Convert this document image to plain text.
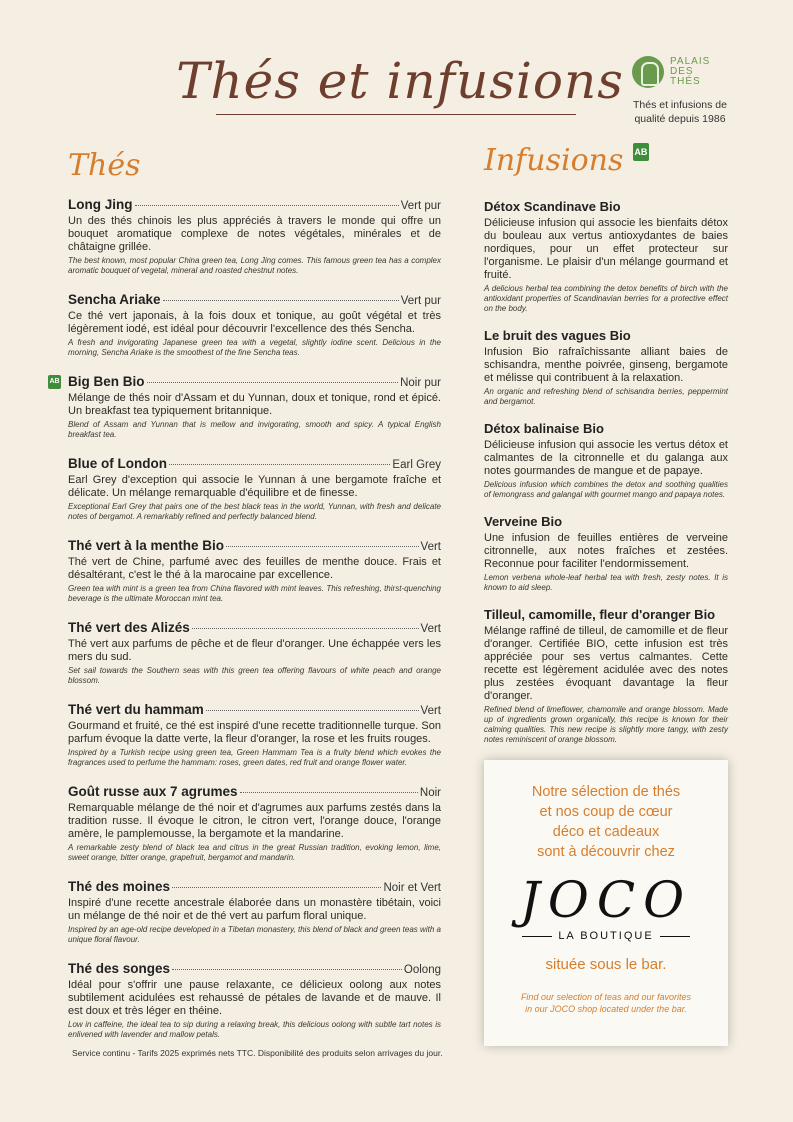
Thés et infusions	PALAIS
DES
THÉS
Thés et infusions de qualité depuis 1986
Thés	Infusions AB
Long Jing	Vert pur
Un des thés chinois les plus appréciés à travers le monde qui offre un bouquet aromatique complexe de notes végétales, minérales et de châtaigne grillée.
The best known, most popular China green tea, Long Jing comes. This famous green tea has a complex aromatic bouquet of vegetal, mineral and roasted chestnut notes.
Sencha Ariake	Vert pur
Ce thé vert japonais, à la fois doux et tonique, au goût végétal et très légèrement iodé, est idéal pour découvrir l'excellence des thés Sencha.
A fresh and invigorating Japanese green tea with a vegetal, slightly iodine scent. Delicious in the morning, Sencha Ariake is the smoothest of the fine Sencha teas.
AB Big Ben Bio	Noir pur
Mélange de thés noir d'Assam et du Yunnan, doux et tonique, rond et épicé. Un breakfast tea typiquement britannique.
Blend of Assam and Yunnan that is mellow and invigorating, smooth and spicy. A typical English breakfast tea.
Blue of London	Earl Grey
Earl Grey d'exception qui associe le Yunnan à une bergamote fraîche et délicate. Un mélange remarquable d'équilibre et de finesse.
Exceptional Earl Grey that pairs one of the best black teas in the world, Yunnan, with fresh and delicate notes of bergamot. A remarkably refined and perfectly balanced blend.
Thé vert à la menthe Bio	Vert
Thé vert de Chine, parfumé avec des feuilles de menthe douce. Frais et désaltérant, c'est le thé à la marocaine par excellence.
Green tea with mint is a green tea from China flavored with mint leaves. This refreshing, thirst-quenching beverage is the ultimate Moroccan mint tea.
Thé vert des Alizés	Vert
Thé vert aux parfums de pêche et de fleur d'oranger. Une échappée vers les mers du sud.
Set sail towards the Southern seas with this green tea offering flavours of white peach and orange blossom.
Thé vert du hammam	Vert
Gourmand et fruité, ce thé est inspiré d'une recette traditionnelle turque. Son parfum évoque la datte verte, la fleur d'oranger, la rose et les fruits rouges.
Inspired by a Turkish recipe using green tea, Green Hammam Tea is a fruity blend which evokes the fragrances used to perfume the hammam: roses, green dates, red fruit and orange flower water.
Goût russe aux 7 agrumes	Noir
Remarquable mélange de thé noir et d'agrumes aux parfums zestés dans la tradition russe. Il évoque le citron, le citron vert, l'orange douce, l'orange amère, le pamplemousse, la bergamote et la mandarine.
A remarkable zesty blend of black tea and citrus in the great Russian tradition, evoking lemon, lime, sweet orange, bitter orange, grapefruit, bergamot and mandarin.
Thé des moines	Noir et Vert
Inspiré d'une recette ancestrale élaborée dans un monastère tibétain, voici un mélange de thé noir et de thé vert au parfum floral unique.
Inspired by an age-old recipe developed in a Tibetan monastery, this blend of black and green teas with a unique floral flavour.
Thé des songes	Oolong
Idéal pour s'offrir une pause relaxante, ce délicieux oolong aux notes subtilement acidulées est rehaussé de pétales de lavande et de mauve. Il est doux et très léger en théine.
Low in caffeine, the ideal tea to sip during a relaxing break, this delicious oolong with subtle tart notes is enlivened with lavender and mallow petals.
Détox Scandinave Bio
Délicieuse infusion qui associe les bienfaits détox du bouleau aux vertus antioxydantes de baies nordiques, pour un effet protecteur sur l'organisme. Le plaisir d'un mélange gourmand et fruité.
A delicious herbal tea combining the detox benefits of birch with the antioxidant properties of Scandinavian berries for a protective effect on the body.
Le bruit des vagues Bio
Infusion Bio rafraîchissante alliant baies de schisandra, menthe poivrée, ginseng, bergamote et mélisse qui contribuent à la relaxation.
An organic and refreshing blend of schisandra berries, peppermint and bergamot.
Détox balinaise Bio
Délicieuse infusion qui associe les vertus détox et calmantes de la citronnelle et du galanga aux notes gourmandes de mangue et de papaye.
Delicious infusion which combines the detox and soothing qualities of lemongrass and galangal with gourmet mango and papaya notes.
Verveine Bio
Une infusion de feuilles entières de verveine citronnelle, aux notes fraîches et zestées. Reconnue pour faciliter l'endormissement.
Lemon verbena whole-leaf herbal tea with fresh, zesty notes. It is known to aid sleep.
Tilleul, camomille, fleur d'oranger Bio
Mélange raffiné de tilleul, de camomille et de fleur d'oranger. Certifiée BIO, cette infusion est très appréciée pour ses vertus calmantes. Cette recette est légèrement acidulée avec des notes plus zestées évoquant davantage la fleur d'oranger.
Refined blend of limeflower, chamomile and orange blossom. Made up of ingredients grown organically, this recipe is known for their calming qualities. This new recipe is slightly more tangy, with zesty notes reminiscent of orange blossom.
Notre sélection de thés
et nos coup de cœur
déco et cadeaux
sont à découvrir chez
JOCO
LA BOUTIQUE
située sous le bar.
Find our selection of teas and our favorites
in our JOCO shop located under the bar.
Service continu - Tarifs 2025 exprimés nets TTC. Disponibilité des produits selon arrivages du jour.
